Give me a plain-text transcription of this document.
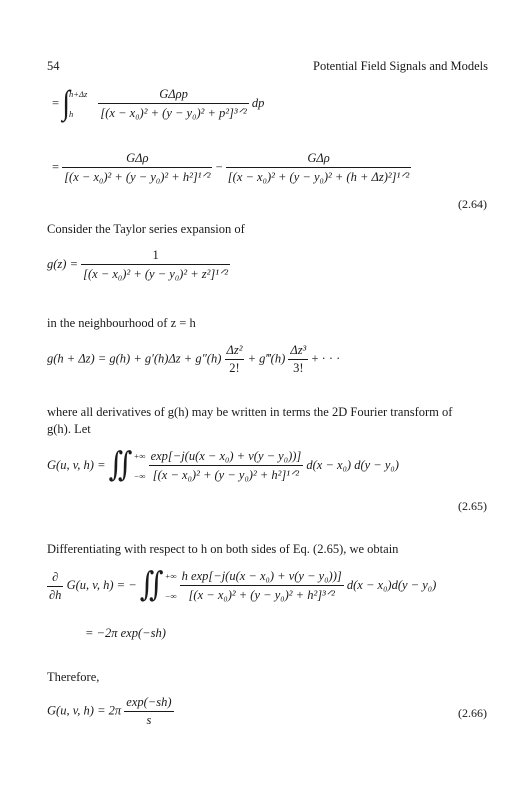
54	Potential Field Signals and Models
= ∫ h+Δz
h
	$\frac{\text{GΔρp}}{\text{[(x − x₀)² + (y − y₀)² + p²]³ᐟ²}}$ dp
= $\frac{\text{GΔρ}}{\text{[(x − x₀)² + (y − y₀)² + h²]¹ᐟ²}} - \frac{\text{GΔρ}}{\text{[(x − x₀)² + (y − y₀)² + (h + Δz)²]¹ᐟ²}}$
(2.64)
Consider the Taylor series expansion of
$g(z) = \frac{1}{\text{[(x − x₀)² + (y − y₀)² + z²]¹ᐟ²}}$
in the neighbourhood of z = h
$g(h + \Delta z) = g(h) + g'(h)\Delta z + g''(h) \frac{\text{Δz²}}{2!}$ + g‴(h) $\frac{\text{Δz³}}{3!}$ + · · ·
where all derivatives of g(h) may be written in terms the 2D Fourier transform of
g(h). Let
G(u, v, h) = ∬ +∞
−∞
$\frac{\text{exp[−j(u(x − x₀) + v(y − y₀))]}}{\text{[(x − x₀)² + (y − y₀)² + h²]¹ᐟ²}} d(x - x_0) d(y - y_0)$
(2.65)
Differentiating with respect to h on both sides of Eq. (2.65), we obtain
$\frac{\partial}{\partial h} G(u$, v, h) = − ∬ +∞
−∞
$\frac{\text{h exp[−j(u(x − x₀) + v(y − y₀))]}}{\text{[(x − x₀)² + (y − y₀)² + h²]³ᐟ²}} d(x - x_0)d(y - y_0)$
= −2π exp(−sh)
Therefore,
G(u, v, $h) = 2\pi \frac{\exp(-sh)}{s}$	(2.66)
